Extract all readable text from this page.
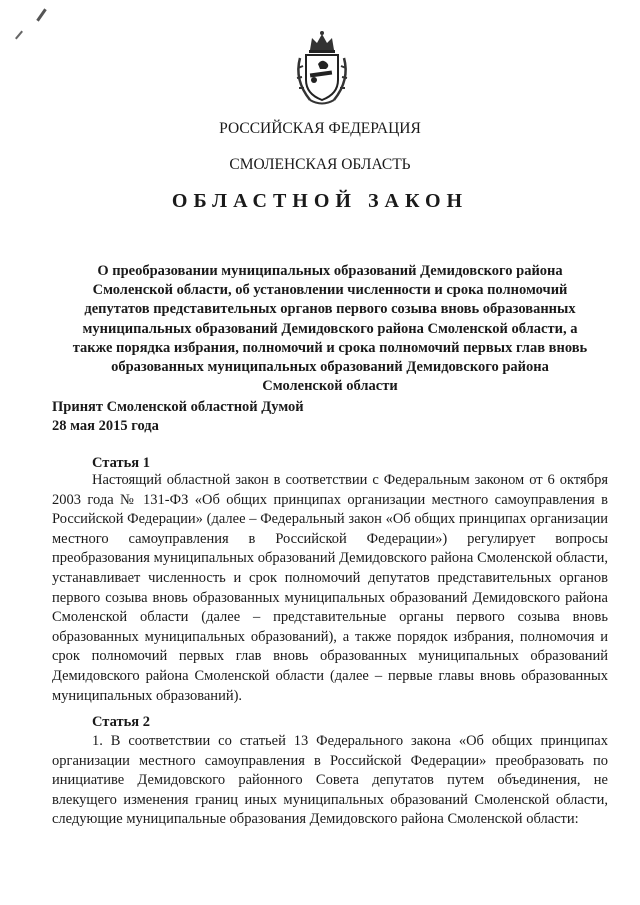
РОССИЙСКАЯ ФЕДЕРАЦИЯ
СМОЛЕНСКАЯ ОБЛАСТЬ
ОБЛАСТНОЙ ЗАКОН
О преобразовании муниципальных образований Демидовского района Смоленской области, об установлении численности и срока полномочий депутатов представительных органов первого созыва вновь образованных муниципальных образований Демидовского района Смоленской области, а также порядка избрания, полномочий и срока полномочий первых глав вновь образованных муниципальных образований Демидовского района Смоленской области
Принят Смоленской областной Думой
28 мая 2015 года
Статья 1
Настоящий областной закон в соответствии с Федеральным законом от 6 октября 2003 года № 131-ФЗ «Об общих принципах организации местного самоуправления в Российской Федерации» (далее – Федеральный закон «Об общих принципах организации местного самоуправления в Российской Федерации») регулирует вопросы преобразования муниципальных образований Демидовского района Смоленской области, устанавливает численность и срок полномочий депутатов представительных органов первого созыва вновь образованных муниципальных образований Демидовского района Смоленской области (далее – представительные органы первого созыва вновь образованных муниципальных образований), а также порядок избрания, полномочия и срок полномочий первых глав вновь образованных муниципальных образований Демидовского района Смоленской области (далее – первые главы вновь образованных муниципальных образований).
Статья 2
1. В соответствии со статьей 13 Федерального закона «Об общих принципах организации местного самоуправления в Российской Федерации» преобразовать по инициативе Демидовского районного Совета депутатов путем объединения, не влекущего изменения границ иных муниципальных образований Смоленской области, следующие муниципальные образования Демидовского района Смоленской области:
